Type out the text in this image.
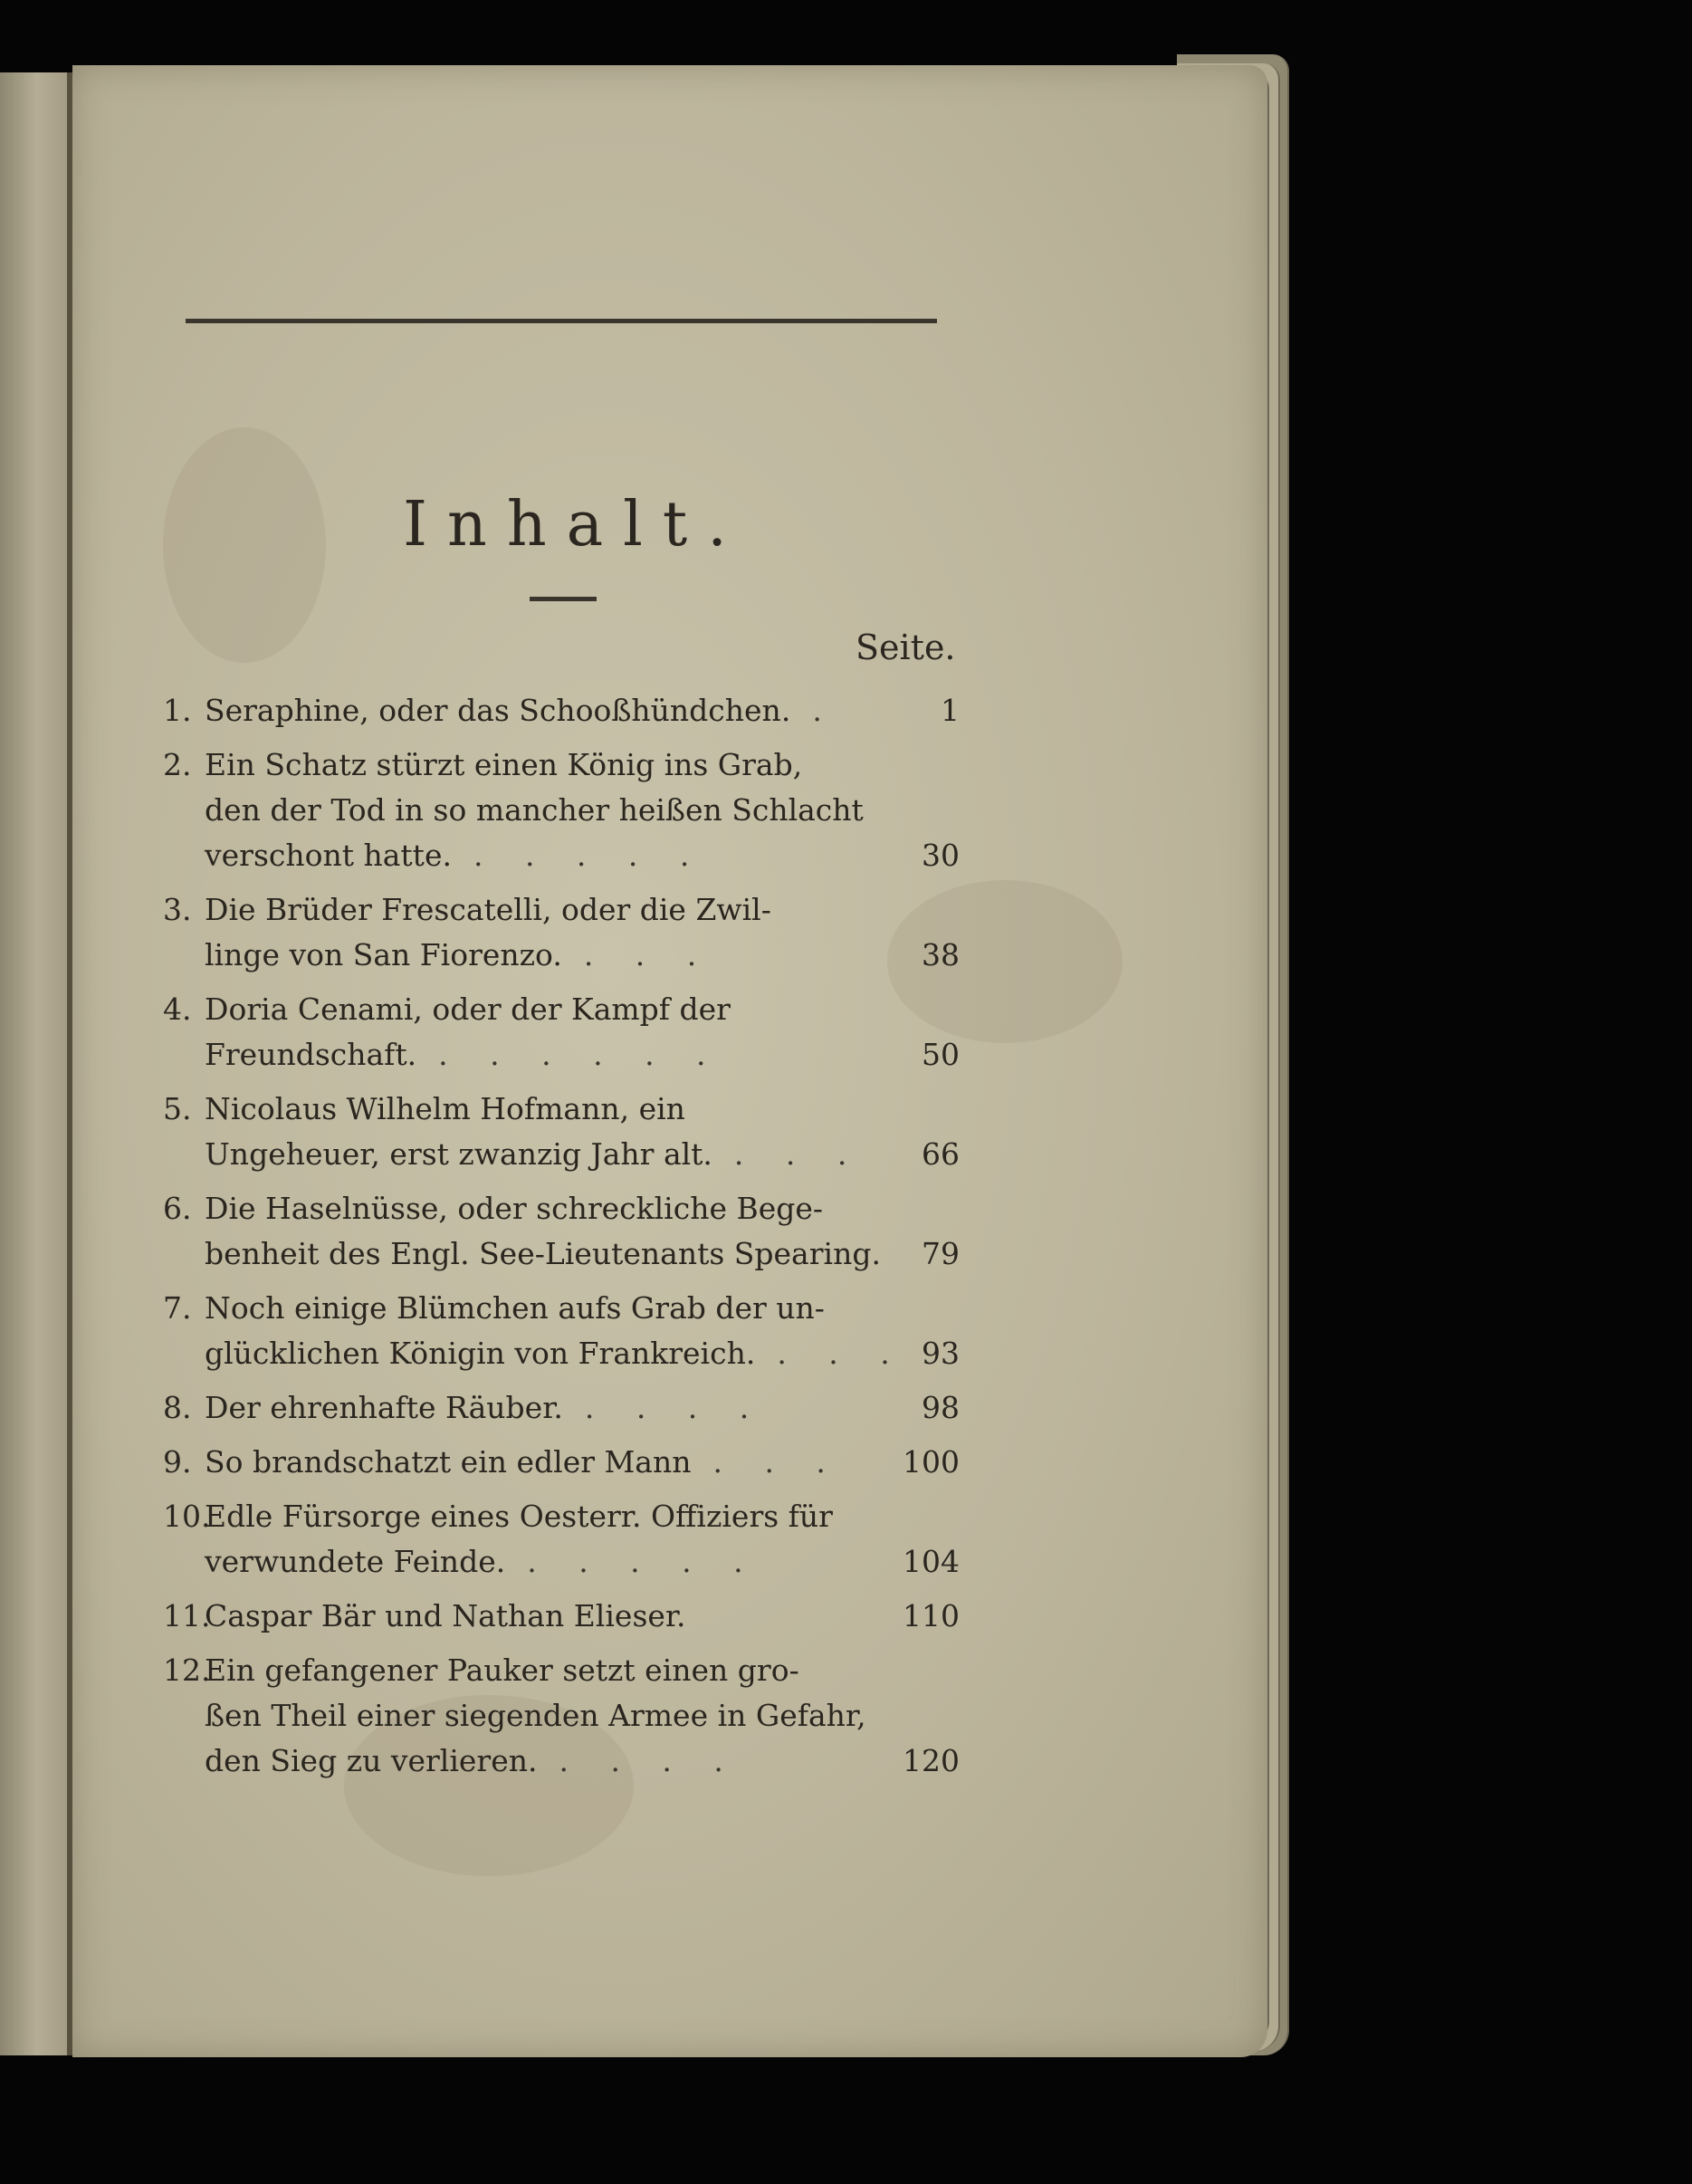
Inhalt.
Seite.
1. Seraphine, oder das Schooßhündchen. .	1
2. Ein Schatz stürzt einen König ins Grab,
den der Tod in so mancher heißen Schlacht
verschont hatte. . . . . .	30
3. Die Brüder Frescatelli, oder die Zwil-
linge von San Fiorenzo. . . .	38
4. Doria Cenami, oder der Kampf der
Freundschaft. . . . . . .	50
5. Nicolaus Wilhelm Hofmann, ein
Ungeheuer, erst zwanzig Jahr alt. . . .	66
6. Die Haselnüsse, oder schreckliche Bege-
benheit des Engl. See-Lieutenants Spearing.	79
7. Noch einige Blümchen aufs Grab der un-
glücklichen Königin von Frankreich. . . . 93
8. Der ehrenhafte Räuber. . . . .	98
9. So brandschatzt ein edler Mann . . .	100
10.Edle Fürsorge eines Oesterr. Offiziers für
verwundete Feinde. . . . . .	104
11.Caspar Bär und Nathan Elieser.	110
12.Ein gefangener Pauker setzt einen gro-
ßen Theil einer siegenden Armee in Gefahr,
den Sieg zu verlieren. . . . .	120
